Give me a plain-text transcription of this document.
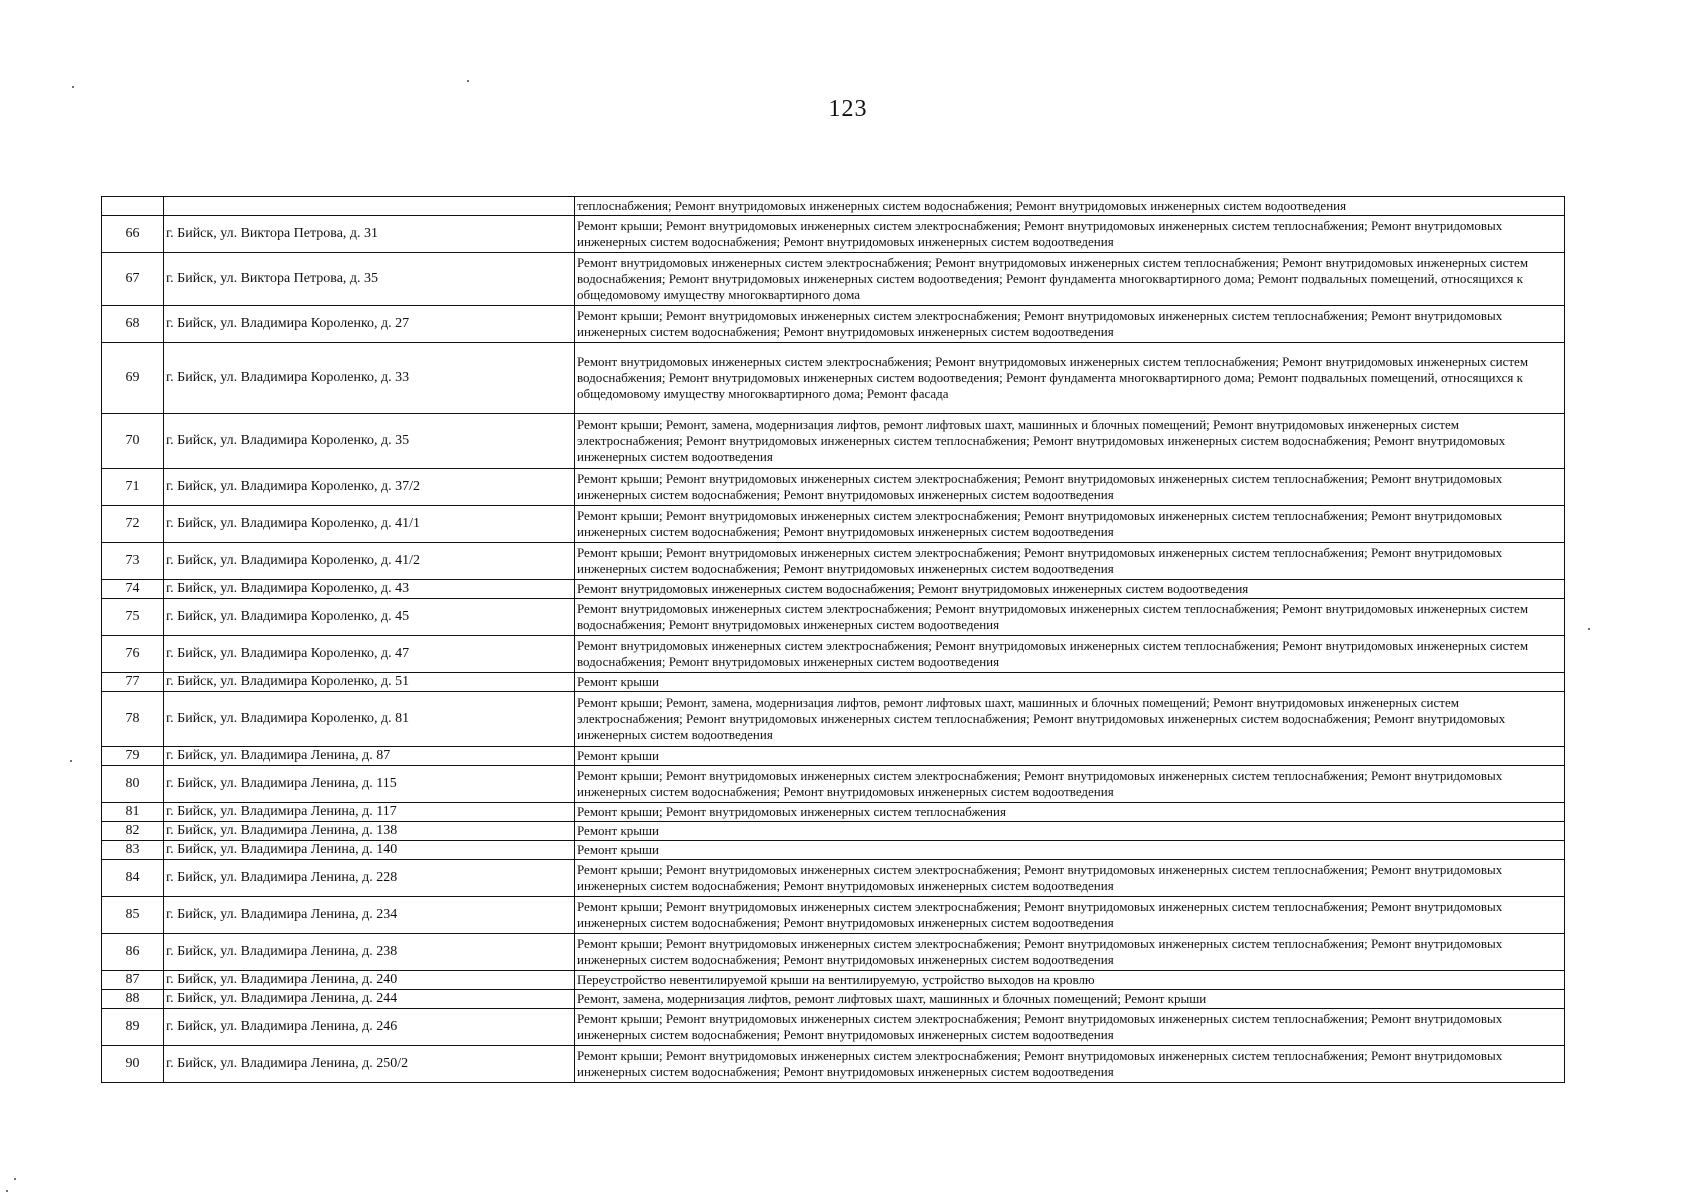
123
		теплоснабжения; Ремонт внутридомовых инженерных систем водоснабжения; Ремонт внутридомовых инженерных систем водоотведения
66	г. Бийск, ул. Виктора Петрова, д. 31	Ремонт крыши; Ремонт внутридомовых инженерных систем электроснабжения; Ремонт внутридомовых инженерных систем теплоснабжения; Ремонт внутридомовых инженерных систем водоснабжения; Ремонт внутридомовых инженерных систем водоотведения
67	г. Бийск, ул. Виктора Петрова, д. 35	Ремонт внутридомовых инженерных систем электроснабжения; Ремонт внутридомовых инженерных систем теплоснабжения; Ремонт внутридомовых инженерных систем водоснабжения; Ремонт внутридомовых инженерных систем водоотведения; Ремонт фундамента многоквартирного дома; Ремонт подвальных помещений, относящихся к общедомовому имуществу многоквартирного дома
68	г. Бийск, ул. Владимира Короленко, д. 27	Ремонт крыши; Ремонт внутридомовых инженерных систем электроснабжения; Ремонт внутридомовых инженерных систем теплоснабжения; Ремонт внутридомовых инженерных систем водоснабжения; Ремонт внутридомовых инженерных систем водоотведения
69	г. Бийск, ул. Владимира Короленко, д. 33	Ремонт внутридомовых инженерных систем электроснабжения; Ремонт внутридомовых инженерных систем теплоснабжения; Ремонт внутридомовых инженерных систем водоснабжения; Ремонт внутридомовых инженерных систем водоотведения; Ремонт фундамента многоквартирного дома; Ремонт подвальных помещений, относящихся к общедомовому имуществу многоквартирного дома; Ремонт фасада
70	г. Бийск, ул. Владимира Короленко, д. 35	Ремонт крыши; Ремонт, замена, модернизация лифтов, ремонт лифтовых шахт, машинных и блочных помещений; Ремонт внутридомовых инженерных систем электроснабжения; Ремонт внутридомовых инженерных систем теплоснабжения; Ремонт внутридомовых инженерных систем водоснабжения; Ремонт внутридомовых инженерных систем водоотведения
71	г. Бийск, ул. Владимира Короленко, д. 37/2	Ремонт крыши; Ремонт внутридомовых инженерных систем электроснабжения; Ремонт внутридомовых инженерных систем теплоснабжения; Ремонт внутридомовых инженерных систем водоснабжения; Ремонт внутридомовых инженерных систем водоотведения
72	г. Бийск, ул. Владимира Короленко, д. 41/1	Ремонт крыши; Ремонт внутридомовых инженерных систем электроснабжения; Ремонт внутридомовых инженерных систем теплоснабжения; Ремонт внутридомовых инженерных систем водоснабжения; Ремонт внутридомовых инженерных систем водоотведения
73	г. Бийск, ул. Владимира Короленко, д. 41/2	Ремонт крыши; Ремонт внутридомовых инженерных систем электроснабжения; Ремонт внутридомовых инженерных систем теплоснабжения; Ремонт внутридомовых инженерных систем водоснабжения; Ремонт внутридомовых инженерных систем водоотведения
74	г. Бийск, ул. Владимира Короленко, д. 43	Ремонт внутридомовых инженерных систем водоснабжения; Ремонт внутридомовых инженерных систем водоотведения
75	г. Бийск, ул. Владимира Короленко, д. 45	Ремонт внутридомовых инженерных систем электроснабжения; Ремонт внутридомовых инженерных систем теплоснабжения; Ремонт внутридомовых инженерных систем водоснабжения; Ремонт внутридомовых инженерных систем водоотведения
76	г. Бийск, ул. Владимира Короленко, д. 47	Ремонт внутридомовых инженерных систем электроснабжения; Ремонт внутридомовых инженерных систем теплоснабжения; Ремонт внутридомовых инженерных систем водоснабжения; Ремонт внутридомовых инженерных систем водоотведения
77	г. Бийск, ул. Владимира Короленко, д. 51	Ремонт крыши
78	г. Бийск, ул. Владимира Короленко, д. 81	Ремонт крыши; Ремонт, замена, модернизация лифтов, ремонт лифтовых шахт, машинных и блочных помещений; Ремонт внутридомовых инженерных систем электроснабжения; Ремонт внутридомовых инженерных систем теплоснабжения; Ремонт внутридомовых инженерных систем водоснабжения; Ремонт внутридомовых инженерных систем водоотведения
79	г. Бийск, ул. Владимира Ленина, д. 87	Ремонт крыши
80	г. Бийск, ул. Владимира Ленина, д. 115	Ремонт крыши; Ремонт внутридомовых инженерных систем электроснабжения; Ремонт внутридомовых инженерных систем теплоснабжения; Ремонт внутридомовых инженерных систем водоснабжения; Ремонт внутридомовых инженерных систем водоотведения
81	г. Бийск, ул. Владимира Ленина, д. 117	Ремонт крыши; Ремонт внутридомовых инженерных систем теплоснабжения
82	г. Бийск, ул. Владимира Ленина, д. 138	Ремонт крыши
83	г. Бийск, ул. Владимира Ленина, д. 140	Ремонт крыши
84	г. Бийск, ул. Владимира Ленина, д. 228	Ремонт крыши; Ремонт внутридомовых инженерных систем электроснабжения; Ремонт внутридомовых инженерных систем теплоснабжения; Ремонт внутридомовых инженерных систем водоснабжения; Ремонт внутридомовых инженерных систем водоотведения
85	г. Бийск, ул. Владимира Ленина, д. 234	Ремонт крыши; Ремонт внутридомовых инженерных систем электроснабжения; Ремонт внутридомовых инженерных систем теплоснабжения; Ремонт внутридомовых инженерных систем водоснабжения; Ремонт внутридомовых инженерных систем водоотведения
86	г. Бийск, ул. Владимира Ленина, д. 238	Ремонт крыши; Ремонт внутридомовых инженерных систем электроснабжения; Ремонт внутридомовых инженерных систем теплоснабжения; Ремонт внутридомовых инженерных систем водоснабжения; Ремонт внутридомовых инженерных систем водоотведения
87	г. Бийск, ул. Владимира Ленина, д. 240	Переустройство невентилируемой крыши на вентилируемую, устройство выходов на кровлю
88	г. Бийск, ул. Владимира Ленина, д. 244	Ремонт, замена, модернизация лифтов, ремонт лифтовых шахт, машинных и блочных помещений; Ремонт крыши
89	г. Бийск, ул. Владимира Ленина, д. 246	Ремонт крыши; Ремонт внутридомовых инженерных систем электроснабжения; Ремонт внутридомовых инженерных систем теплоснабжения; Ремонт внутридомовых инженерных систем водоснабжения; Ремонт внутридомовых инженерных систем водоотведения
90	г. Бийск, ул. Владимира Ленина, д. 250/2	Ремонт крыши; Ремонт внутридомовых инженерных систем электроснабжения; Ремонт внутридомовых инженерных систем теплоснабжения; Ремонт внутридомовых инженерных систем водоснабжения; Ремонт внутридомовых инженерных систем водоотведения
